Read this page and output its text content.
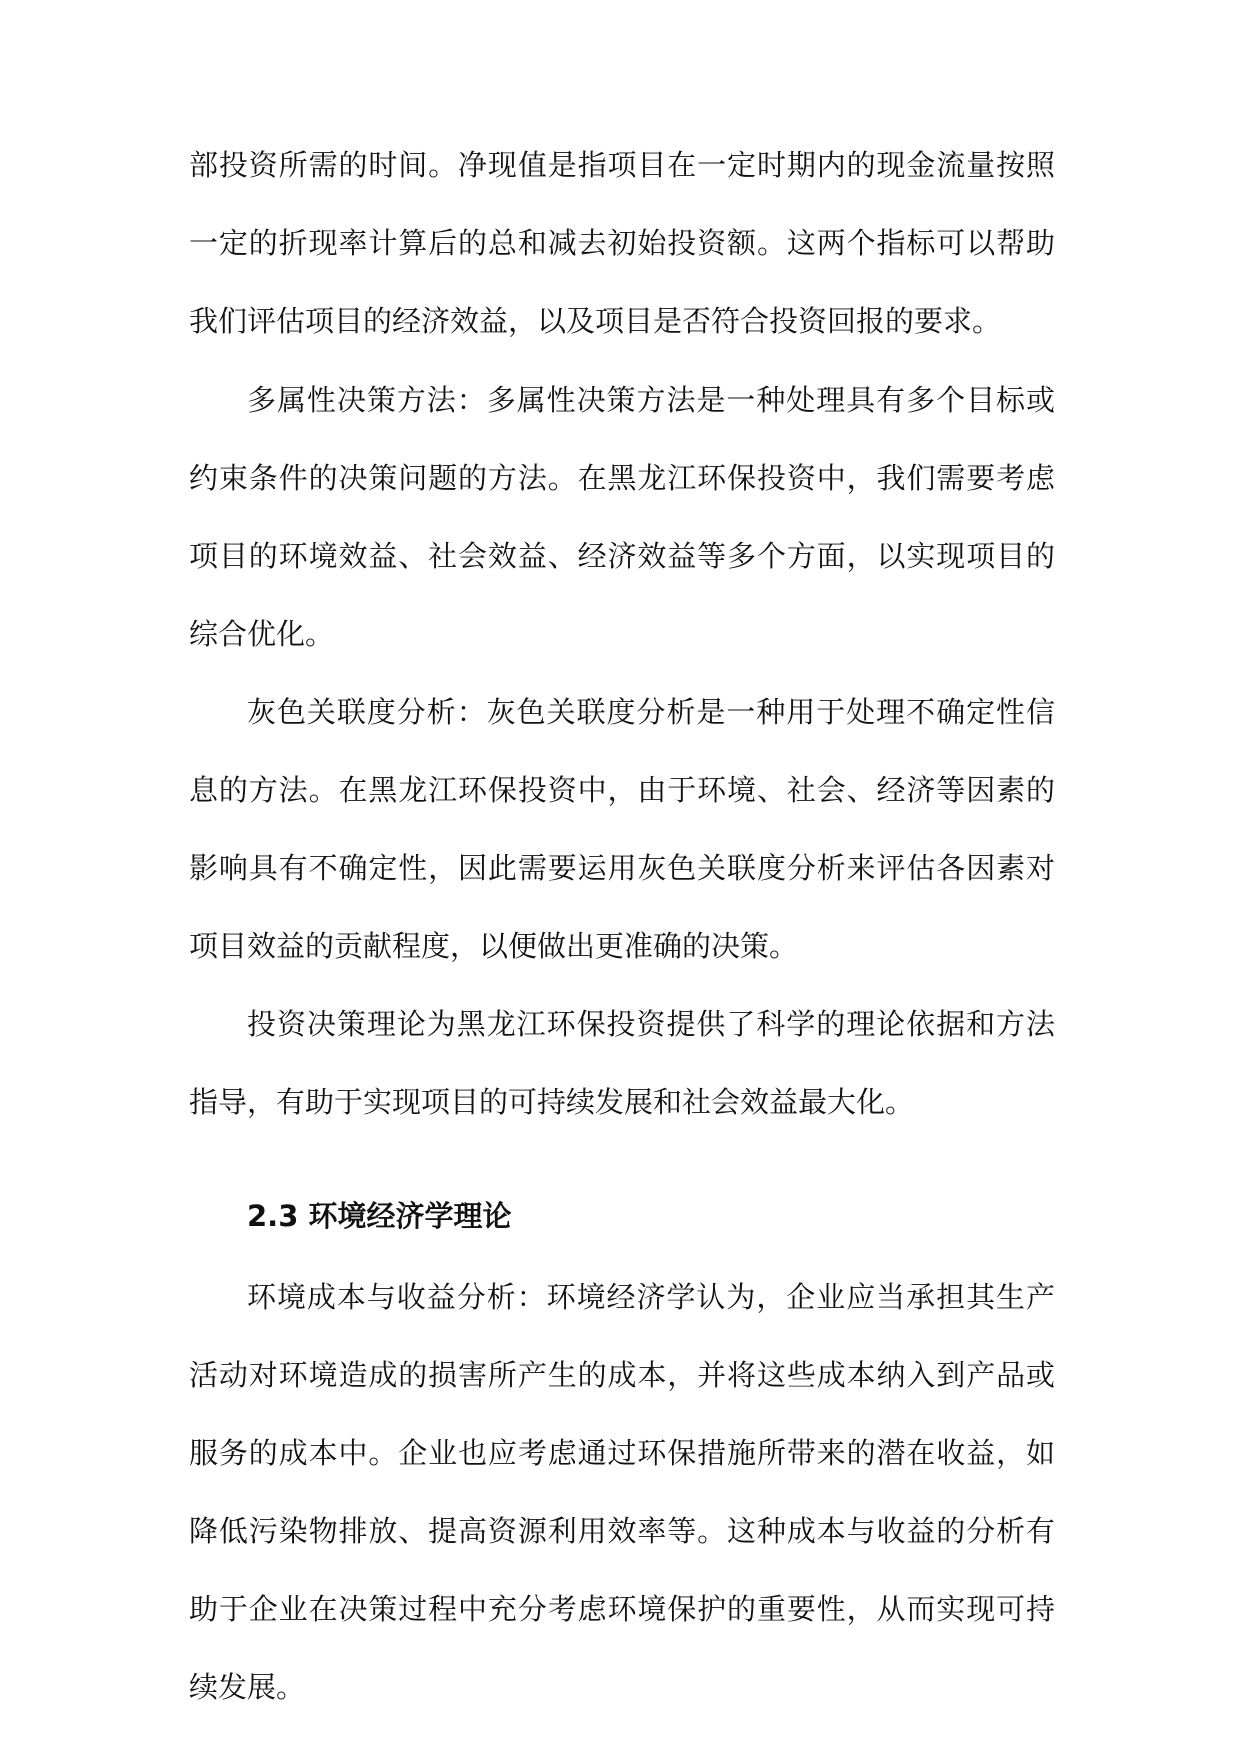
部投资所需的时间。净现值是指项目在一定时期内的现金流量按照一定的折现率计算后的总和减去初始投资额。这两个指标可以帮助我们评估项目的经济效益，以及项目是否符合投资回报的要求。

多属性决策方法：多属性决策方法是一种处理具有多个目标或约束条件的决策问题的方法。在黑龙江环保投资中，我们需要考虑项目的环境效益、社会效益、经济效益等多个方面，以实现项目的综合优化。

灰色关联度分析：灰色关联度分析是一种用于处理不确定性信息的方法。在黑龙江环保投资中，由于环境、社会、经济等因素的影响具有不确定性，因此需要运用灰色关联度分析来评估各因素对项目效益的贡献程度，以便做出更准确的决策。

投资决策理论为黑龙江环保投资提供了科学的理论依据和方法指导，有助于实现项目的可持续发展和社会效益最大化。

2.3 环境经济学理论

环境成本与收益分析：环境经济学认为，企业应当承担其生产活动对环境造成的损害所产生的成本，并将这些成本纳入到产品或服务的成本中。企业也应考虑通过环保措施所带来的潜在收益，如降低污染物排放、提高资源利用效率等。这种成本与收益的分析有助于企业在决策过程中充分考虑环境保护的重要性，从而实现可持续发展。
